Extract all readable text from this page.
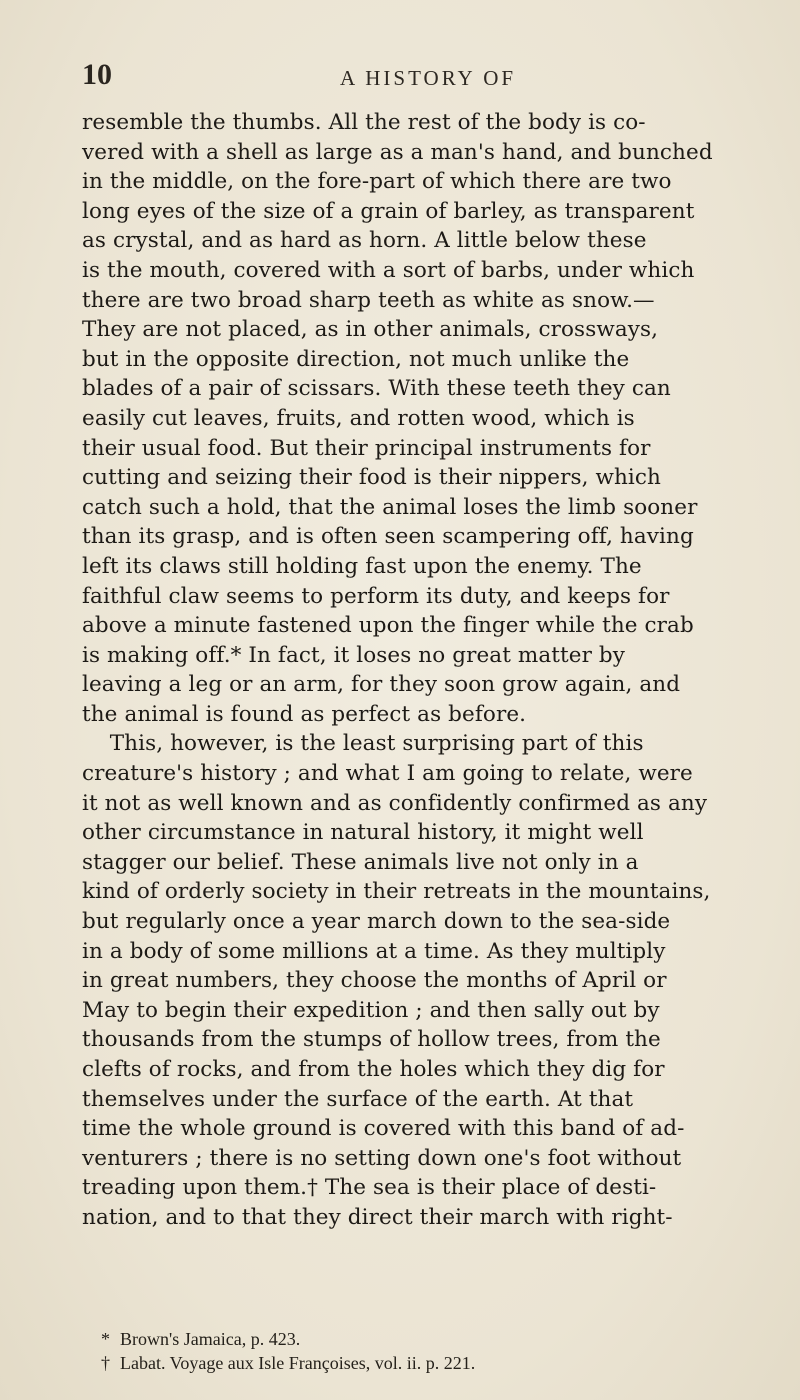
10	A HISTORY OF
resemble the thumbs. All the rest of the body is co-
vered with a shell as large as a man's hand, and bunched
in the middle, on the fore-part of which there are two
long eyes of the size of a grain of barley, as transparent
as crystal, and as hard as horn. A little below these
is the mouth, covered with a sort of barbs, under which
there are two broad sharp teeth as white as snow.—
They are not placed, as in other animals, crossways,
but in the opposite direction, not much unlike the
blades of a pair of scissars. With these teeth they can
easily cut leaves, fruits, and rotten wood, which is
their usual food. But their principal instruments for
cutting and seizing their food is their nippers, which
catch such a hold, that the animal loses the limb sooner
than its grasp, and is often seen scampering off, having
left its claws still holding fast upon the enemy. The
faithful claw seems to perform its duty, and keeps for
above a minute fastened upon the finger while the crab
is making off.* In fact, it loses no great matter by
leaving a leg or an arm, for they soon grow again, and
the animal is found as perfect as before.
This, however, is the least surprising part of this
creature's history ; and what I am going to relate, were
it not as well known and as confidently confirmed as any
other circumstance in natural history, it might well
stagger our belief. These animals live not only in a
kind of orderly society in their retreats in the mountains,
but regularly once a year march down to the sea-side
in a body of some millions at a time. As they multiply
in great numbers, they choose the months of April or
May to begin their expedition ; and then sally out by
thousands from the stumps of hollow trees, from the
clefts of rocks, and from the holes which they dig for
themselves under the surface of the earth. At that
time the whole ground is covered with this band of ad-
venturers ; there is no setting down one's foot without
treading upon them.† The sea is their place of desti-
nation, and to that they direct their march with right-
* Brown's Jamaica, p. 423.
† Labat. Voyage aux Isle Françoises, vol. ii. p. 221.
